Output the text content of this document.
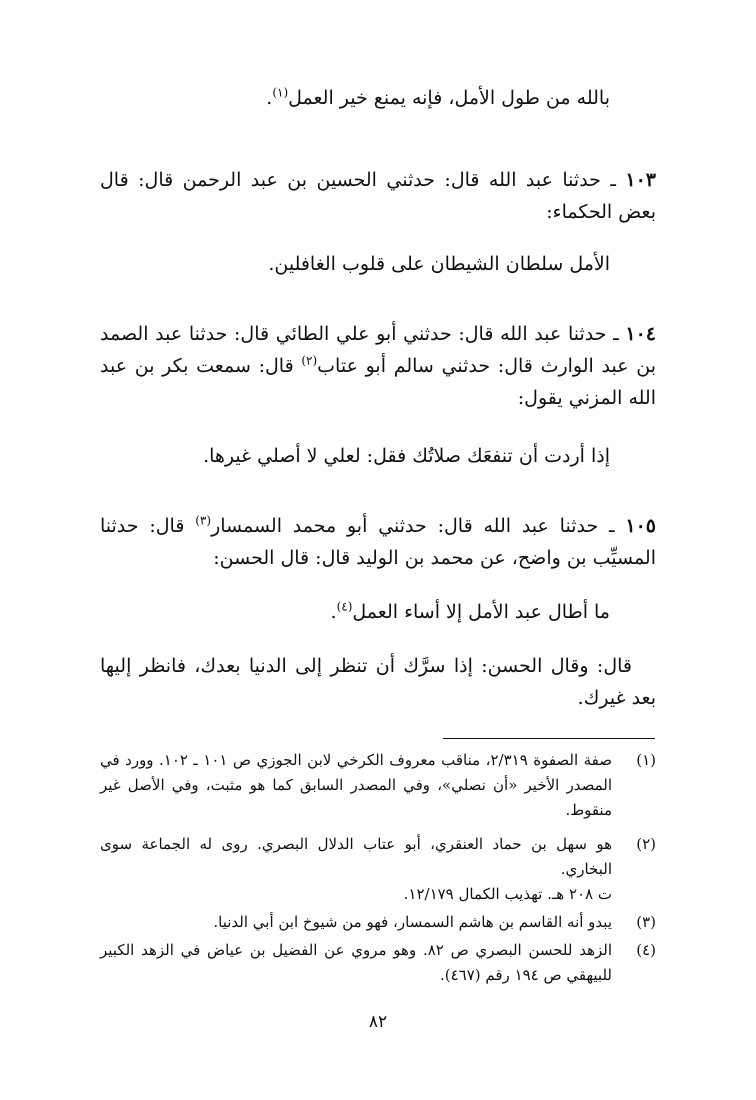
بالله من طول الأمل، فإنه يمنع خير العمل$^{(١)}$.
١٠٣ ـ حدثنا عبد الله قال: حدثني الحسين بن عبد الرحمن قال: قال بعض الحكماء:
الأمل سلطان الشيطان على قلوب الغافلين.
١٠٤ ـ حدثنا عبد الله قال: حدثني أبو علي الطائي قال: حدثنا عبد الصمد بن عبد الوارث قال: حدثني سالم أبو عتاب$^{(٢)}$ قال: سمعت بكر بن عبد الله المزني يقول:
إذا أردت أن تنفعَك صلاتُك فقل: لعلي لا أصلي غيرها.
١٠٥ ـ حدثنا عبد الله قال: حدثني أبو محمد السمسار$^{(٣)}$ قال: حدثنا المسيِّب بن واضح، عن محمد بن الوليد قال: قال الحسن:
ما أطال عبد الأمل إلا أساء العمل$^{(٤)}$.
قال: وقال الحسن: إذا سرَّك أن تنظر إلى الدنيا بعدك، فانظر إليها بعد غيرك.
(١)
صفة الصفوة ٢/٣١٩، مناقب معروف الكرخي لابن الجوزي ص ١٠١ ـ ١٠٢. وورد في المصدر الأخير «أن نصلي»، وفي المصدر السابق كما هو مثبت، وفي الأصل غير منقوط.
(٢)
هو سهل بن حماد العنقري، أبو عتاب الدلال البصري. روى له الجماعة سوى البخاري.
ت ٢٠٨ هـ. تهذيب الكمال ١٢/١٧٩.
(٣)
يبدو أنه القاسم بن هاشم السمسار، فهو من شيوخ ابن أبي الدنيا.
(٤)
الزهد للحسن البصري ص ٨٢. وهو مروي عن الفضيل بن عياض في الزهد الكبير للبيهقي ص ١٩٤ رقم (٤٦٧).
٨٢
